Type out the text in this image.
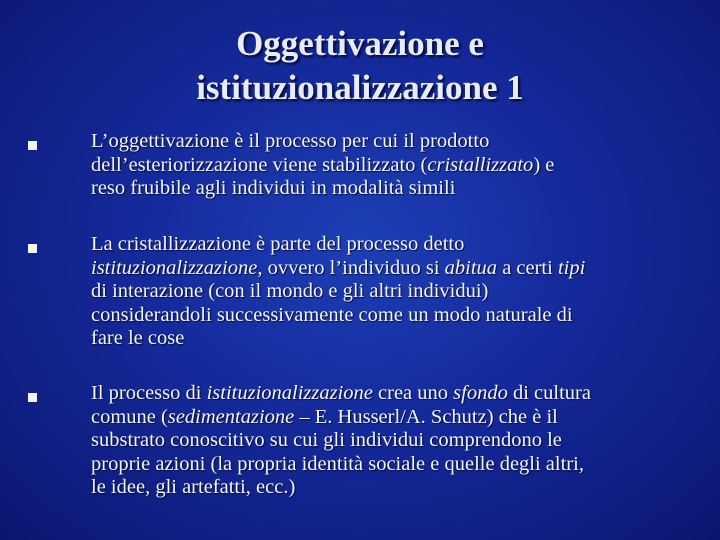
Oggettivazione e
istituzionalizzazione 1
L’oggettivazione è il processo per cui il prodotto
dell’esteriorizzazione viene stabilizzato (cristallizzato) e
reso fruibile agli individui in modalità simili
La cristallizzazione è parte del processo detto
istituzionalizzazione, ovvero l’individuo si abitua a certi tipi
di interazione (con il mondo e gli altri individui)
considerandoli successivamente come un modo naturale di
fare le cose
Il processo di istituzionalizzazione crea uno sfondo di cultura
comune (sedimentazione – E. Husserl/A. Schutz) che è il
substrato conoscitivo su cui gli individui comprendono le
proprie azioni (la propria identità sociale e quelle degli altri,
le idee, gli artefatti, ecc.)
